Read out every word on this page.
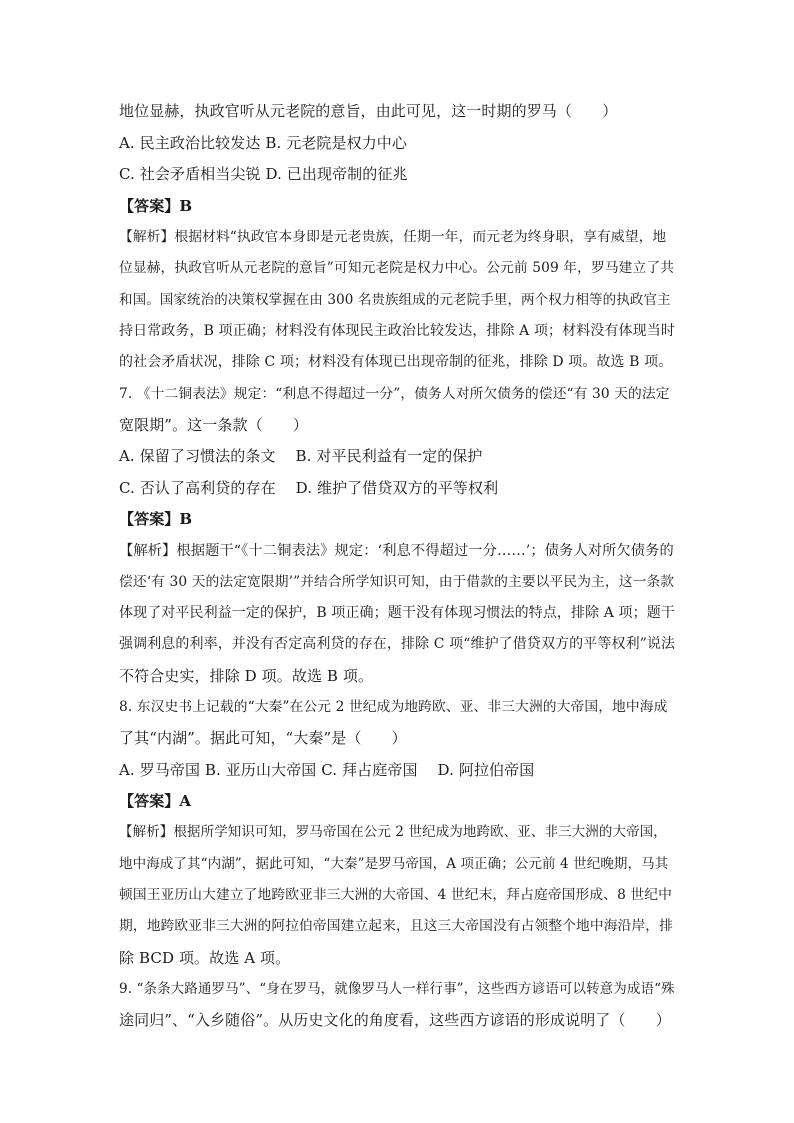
地位显赫，执政官听从元老院的意旨，由此可见，这一时期的罗马（　　）
A. 民主政治比较发达 B. 元老院是权力中心
C. 社会矛盾相当尖锐 D. 已出现帝制的征兆
【答案】B
【解析】根据材料“执政官本身即是元老贵族，任期一年，而元老为终身职，享有威望，地
位显赫，执政官听从元老院的意旨”可知元老院是权力中心。公元前 509 年，罗马建立了共
和国。国家统治的决策权掌握在由 300 名贵族组成的元老院手里，两个权力相等的执政官主
持日常政务，B 项正确；材料没有体现民主政治比较发达，排除 A 项；材料没有体现当时
的社会矛盾状况，排除 C 项；材料没有体现已出现帝制的征兆，排除 D 项。故选 B 项。
7. 《十二铜表法》规定：“利息不得超过一分”，债务人对所欠债务的偿还“有 30 天的法定
宽限期”。这一条款（　　）
A. 保留了习惯法的条文　 B. 对平民利益有一定的保护
C. 否认了高利贷的存在　 D. 维护了借贷双方的平等权利
【答案】B
【解析】根据题干“《十二铜表法》规定：‘利息不得超过一分……’；债务人对所欠债务的
偿还‘有 30 天的法定宽限期’”并结合所学知识可知，由于借款的主要以平民为主，这一条款
体现了对平民利益一定的保护，B 项正确；题干没有体现习惯法的特点，排除 A 项；题干
强调利息的利率，并没有否定高利贷的存在，排除 C 项“维护了借贷双方的平等权利”说法
不符合史实，排除 D 项。故选 B 项。
8. 东汉史书上记载的“大秦”在公元 2 世纪成为地跨欧、亚、非三大洲的大帝国，地中海成
了其“内湖”。据此可知，“大秦”是（　　）
A. 罗马帝国 B. 亚历山大帝国 C. 拜占庭帝国　 D. 阿拉伯帝国
【答案】A
【解析】根据所学知识可知，罗马帝国在公元 2 世纪成为地跨欧、亚、非三大洲的大帝国，
地中海成了其“内湖”，据此可知，“大秦”是罗马帝国，A 项正确；公元前 4 世纪晚期，马其
顿国王亚历山大建立了地跨欧亚非三大洲的大帝国、4 世纪末，拜占庭帝国形成、8 世纪中
期，地跨欧亚非三大洲的阿拉伯帝国建立起来，且这三大帝国没有占领整个地中海沿岸，排
除 BCD 项。故选 A 项。
9. “条条大路通罗马”、“身在罗马，就像罗马人一样行事”，这些西方谚语可以转意为成语“殊
途同归”、“入乡随俗”。从历史文化的角度看，这些西方谚语的形成说明了（　　）
